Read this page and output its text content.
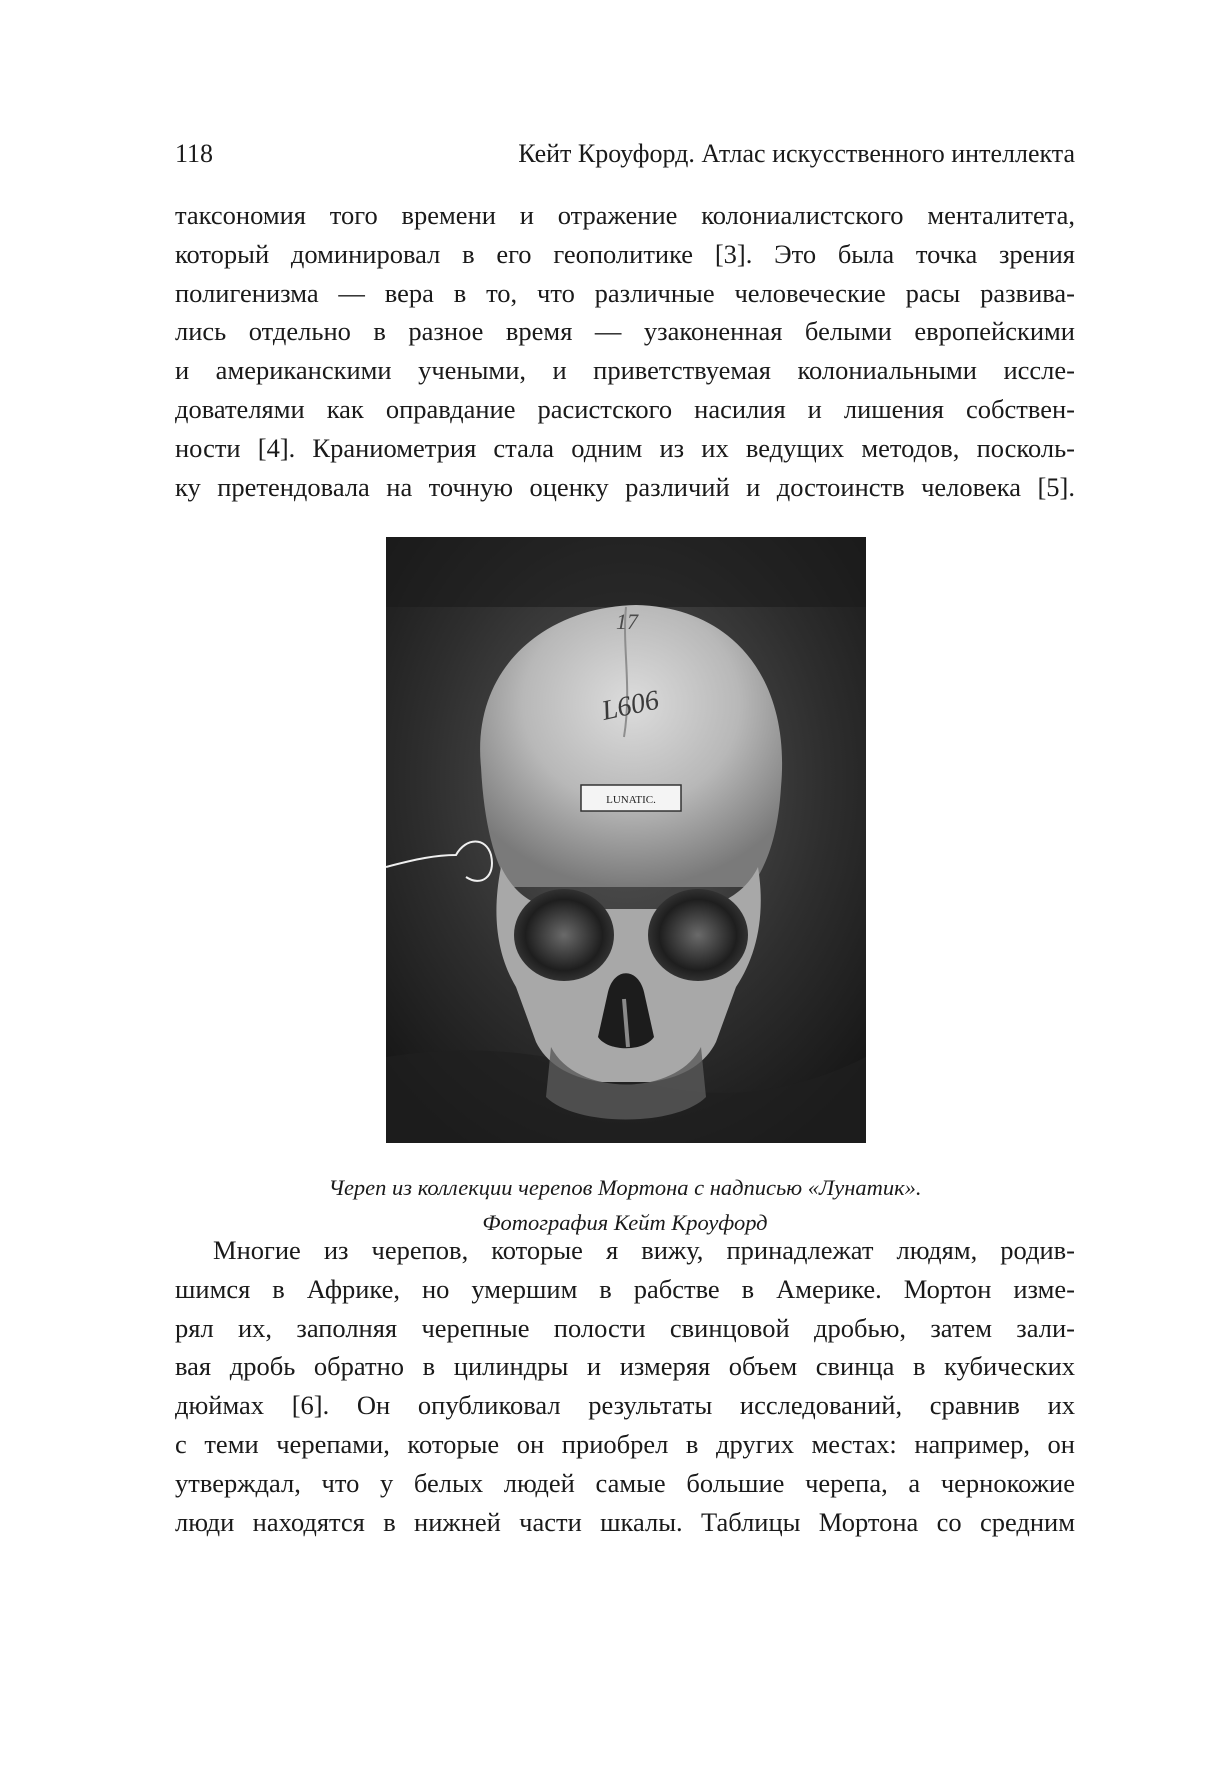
118	Кейт Кроуфорд. Атлас искусственного интеллекта
таксономия того времени и отражение колониалистского менталитета,
который доминировал в его геополитике [3]. Это была точка зрения
полигенизма — вера в то, что различные человеческие расы развива-
лись отдельно в разное время — узаконенная белыми европейскими
и американскими учеными, и приветствуемая колониальными иссле-
дователями как оправдание расистского насилия и лишения собствен-
ности [4]. Краниометрия стала одним из их ведущих методов, посколь-
ку претендовала на точную оценку различий и достоинств человека [5].
LUNATIC.
L606
17
Череп из коллекции черепов Мортона с надписью «Лунатик».
Фотография Кейт Кроуфорд
Многие из черепов, которые я вижу, принадлежат людям, родив-
шимся в Африке, но умершим в рабстве в Америке. Мортон изме-
рял их, заполняя черепные полости свинцовой дробью, затем зали-
вая дробь обратно в цилиндры и измеряя объем свинца в кубических
дюймах [6]. Он опубликовал результаты исследований, сравнив их
с теми черепами, которые он приобрел в других местах: например, он
утверждал, что у белых людей самые большие черепа, а чернокожие
люди находятся в нижней части шкалы. Таблицы Мортона со средним
